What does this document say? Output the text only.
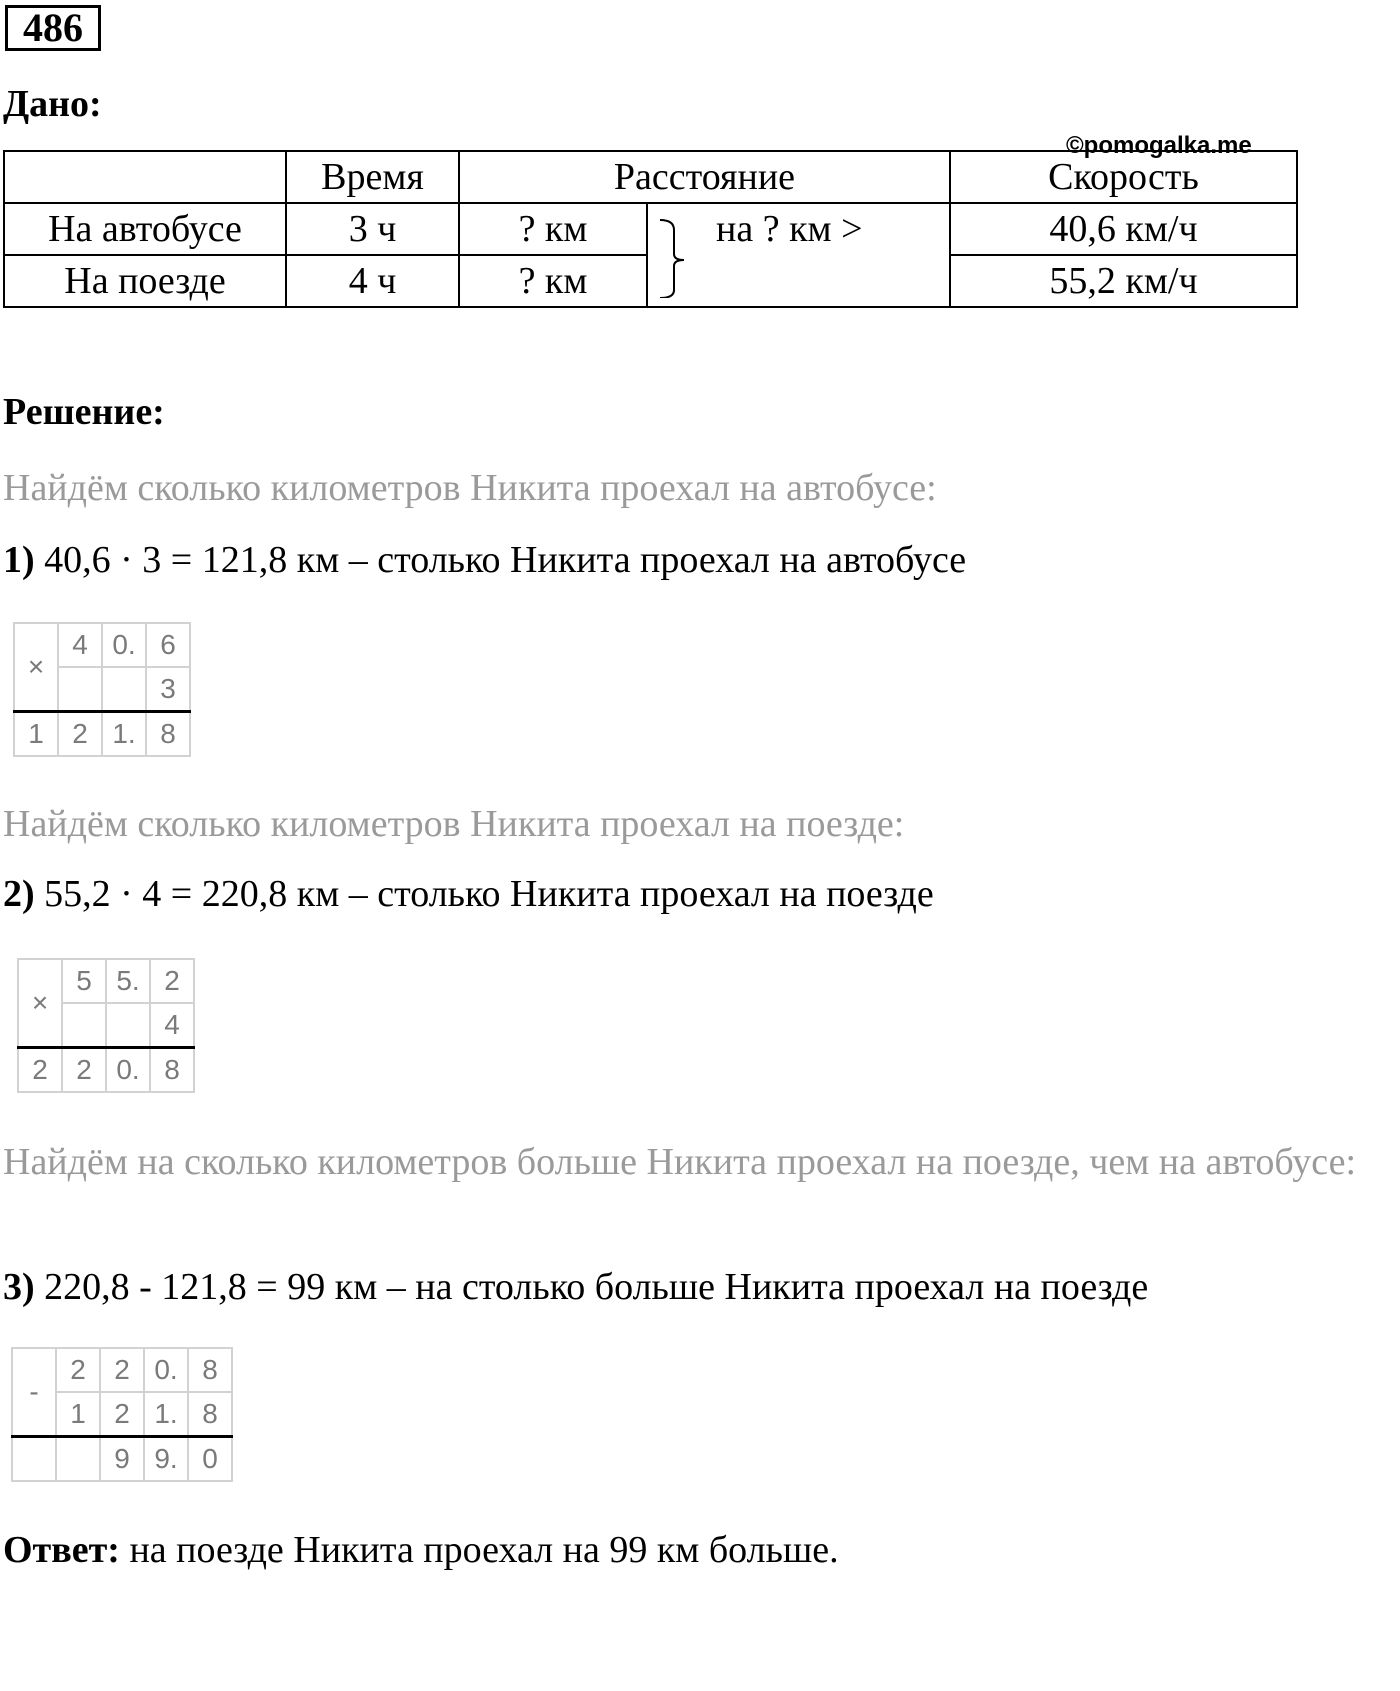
486
Дано:
©pomogalka.me
	Время	Расстояние		Скорость
На автобусе	3 ч	? км	на ? км >	40,6 км/ч
На поезде	4 ч	? км		55,2 км/ч
Решение:
Найдём сколько километров Никита проехал на автобусе:
1) 40,6 · 3 = 121,8 км – столько Никита проехал на автобусе
×	4	0.	6
			3
1	2	1.	8
Найдём сколько километров Никита проехал на поезде:
2) 55,2 · 4 = 220,8 км – столько Никита проехал на поезде
×	5	5.	2
			4
2	2	0.	8
Найдём на сколько километров больше Никита проехал на поезде, чем на автобусе:
3) 220,8 - 121,8 = 99 км – на столько больше Никита проехал на поезде
-	2	2	0.	8
	1	2	1.	8
		9	9.	0
Ответ: на поезде Никита проехал на 99 км больше.
